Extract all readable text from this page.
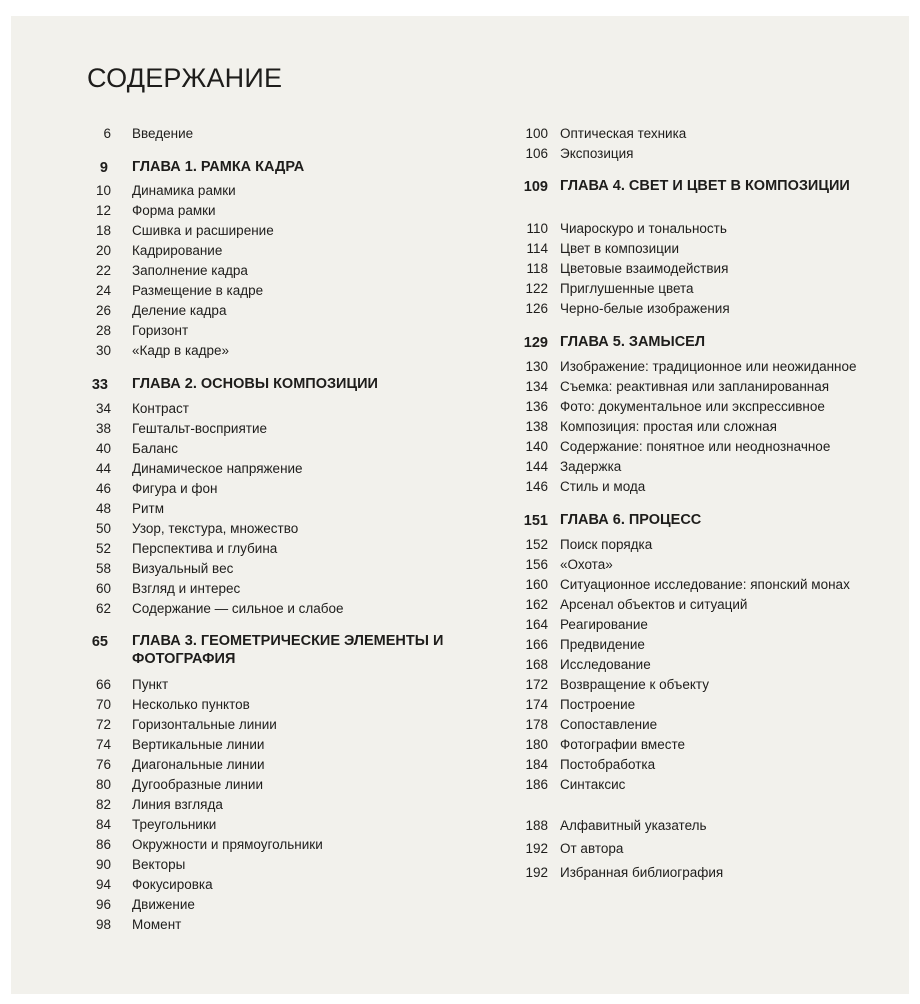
СОДЕРЖАНИЕ
6 Введение
9 ГЛАВА 1. РАМКА КАДРА
10 Динамика рамки
12 Форма рамки
18 Сшивка и расширение
20 Кадрирование
22 Заполнение кадра
24 Размещение в кадре
26 Деление кадра
28 Горизонт
30 «Кадр в кадре»
33 ГЛАВА 2. ОСНОВЫ КОМПОЗИЦИИ
34 Контраст
38 Гештальт-восприятие
40 Баланс
44 Динамическое напряжение
46 Фигура и фон
48 Ритм
50 Узор, текстура, множество
52 Перспектива и глубина
58 Визуальный вес
60 Взгляд и интерес
62 Содержание — сильное и слабое
65 ГЛАВА 3. ГЕОМЕТРИЧЕСКИЕ ЭЛЕМЕНТЫ И ФОТОГРАФИЯ
66 Пункт
70 Несколько пунктов
72 Горизонтальные линии
74 Вертикальные линии
76 Диагональные линии
80 Дугообразные линии
82 Линия взгляда
84 Треугольники
86 Окружности и прямоугольники
90 Векторы
94 Фокусировка
96 Движение
98 Момент
100 Оптическая техника
106 Экспозиция
109 ГЛАВА 4. СВЕТ И ЦВЕТ В КОМПОЗИЦИИ
110 Чиароскуро и тональность
114 Цвет в композиции
118 Цветовые взаимодействия
122 Приглушенные цвета
126 Черно-белые изображения
129 ГЛАВА 5. ЗАМЫСЕЛ
130 Изображение: традиционное или неожиданное
134 Съемка: реактивная или запланированная
136 Фото: документальное или экспрессивное
138 Композиция: простая или сложная
140 Содержание: понятное или неоднозначное
144 Задержка
146 Стиль и мода
151 ГЛАВА 6. ПРОЦЕСС
152 Поиск порядка
156 «Охота»
160 Ситуационное исследование: японский монах
162 Арсенал объектов и ситуаций
164 Реагирование
166 Предвидение
168 Исследование
172 Возвращение к объекту
174 Построение
178 Сопоставление
180 Фотографии вместе
184 Постобработка
186 Синтаксис
188 Алфавитный указатель
192 От автора
192 Избранная библиография
